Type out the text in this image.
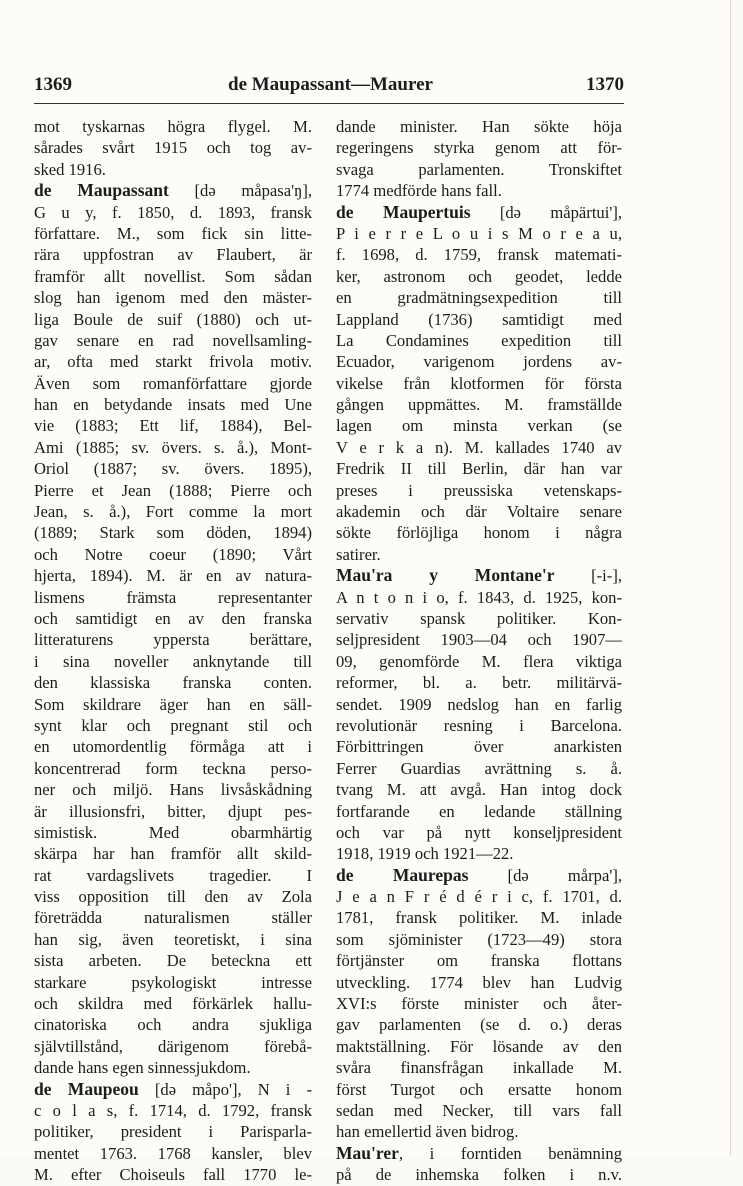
1369	de Maupassant—Maurer	1370
mot tyskarnas högra flygel. M.
sårades svårt 1915 och tog av-
sked 1916.
de Maupassant [də måpasa'ŋ],
G u y, f. 1850, d. 1893, fransk
författare. M., som fick sin litte-
rära uppfostran av Flaubert, är
framför allt novellist. Som sådan
slog han igenom med den mäster-
liga Boule de suif (1880) och ut-
gav senare en rad novellsamling-
ar, ofta med starkt frivola motiv.
Även som romanförfattare gjorde
han en betydande insats med Une
vie (1883; Ett lif, 1884), Bel-
Ami (1885; sv. övers. s. å.), Mont-
Oriol (1887; sv. övers. 1895),
Pierre et Jean (1888; Pierre och
Jean, s. å.), Fort comme la mort
(1889; Stark som döden, 1894)
och Notre coeur (1890; Vårt
hjerta, 1894). M. är en av natura-
lismens främsta representanter
och samtidigt en av den franska
litteraturens yppersta berättare,
i sina noveller anknytande till
den klassiska franska conten.
Som skildrare äger han en säll-
synt klar och pregnant stil och
en utomordentlig förmåga att i
koncentrerad form teckna perso-
ner och miljö. Hans livsåskådning
är illusionsfri, bitter, djupt pes-
simistisk. Med obarmhärtig
skärpa har han framför allt skild-
rat vardagslivets tragedier. I
viss opposition till den av Zola
företrädda naturalismen ställer
han sig, även teoretiskt, i sina
sista arbeten. De beteckna ett
starkare psykologiskt intresse
och skildra med förkärlek hallu-
cinatoriska och andra sjukliga
självtillstånd, därigenom förebå-
dande hans egen sinnessjukdom.
de Maupeou [də måpo'], N i -
c o l a s, f. 1714, d. 1792, fransk
politiker, president i Parisparla-
mentet 1763. 1768 kansler, blev
M. efter Choiseuls fall 1770 le-
dande minister. Han sökte höja
regeringens styrka genom att för-
svaga parlamenten. Tronskiftet
1774 medförde hans fall.
de Maupertuis [də måpärtui'],
P i e r r e L o u i s M o r e a u,
f. 1698, d. 1759, fransk matemati-
ker, astronom och geodet, ledde
en gradmätningsexpedition till
Lappland (1736) samtidigt med
La Condamines expedition till
Ecuador, varigenom jordens av-
vikelse från klotformen för första
gången uppmättes. M. framställde
lagen om minsta verkan (se
V e r k a n). M. kallades 1740 av
Fredrik II till Berlin, där han var
preses i preussiska vetenskaps-
akademin och där Voltaire senare
sökte förlöjliga honom i några
satirer.
Mau'ra y Montane'r [-i-],
A n t o n i o, f. 1843, d. 1925, kon-
servativ spansk politiker. Kon-
seljpresident 1903—04 och 1907—
09, genomförde M. flera viktiga
reformer, bl. a. betr. militärvä-
sendet. 1909 nedslog han en farlig
revolutionär resning i Barcelona.
Förbittringen över anarkisten
Ferrer Guardias avrättning s. å.
tvang M. att avgå. Han intog dock
fortfarande en ledande ställning
och var på nytt konseljpresident
1918, 1919 och 1921—22.
de Maurepas [də mårpa'],
J e a n F r é d é r i c, f. 1701, d.
1781, fransk politiker. M. inlade
som sjöminister (1723—49) stora
förtjänster om franska flottans
utveckling. 1774 blev han Ludvig
XVI:s förste minister och åter-
gav parlamenten (se d. o.) deras
maktställning. För lösande av den
svåra finansfrågan inkallade M.
först Turgot och ersatte honom
sedan med Necker, till vars fall
han emellertid även bidrog.
Mau'rer, i forntiden benämning
på de inhemska folken i n.v.
